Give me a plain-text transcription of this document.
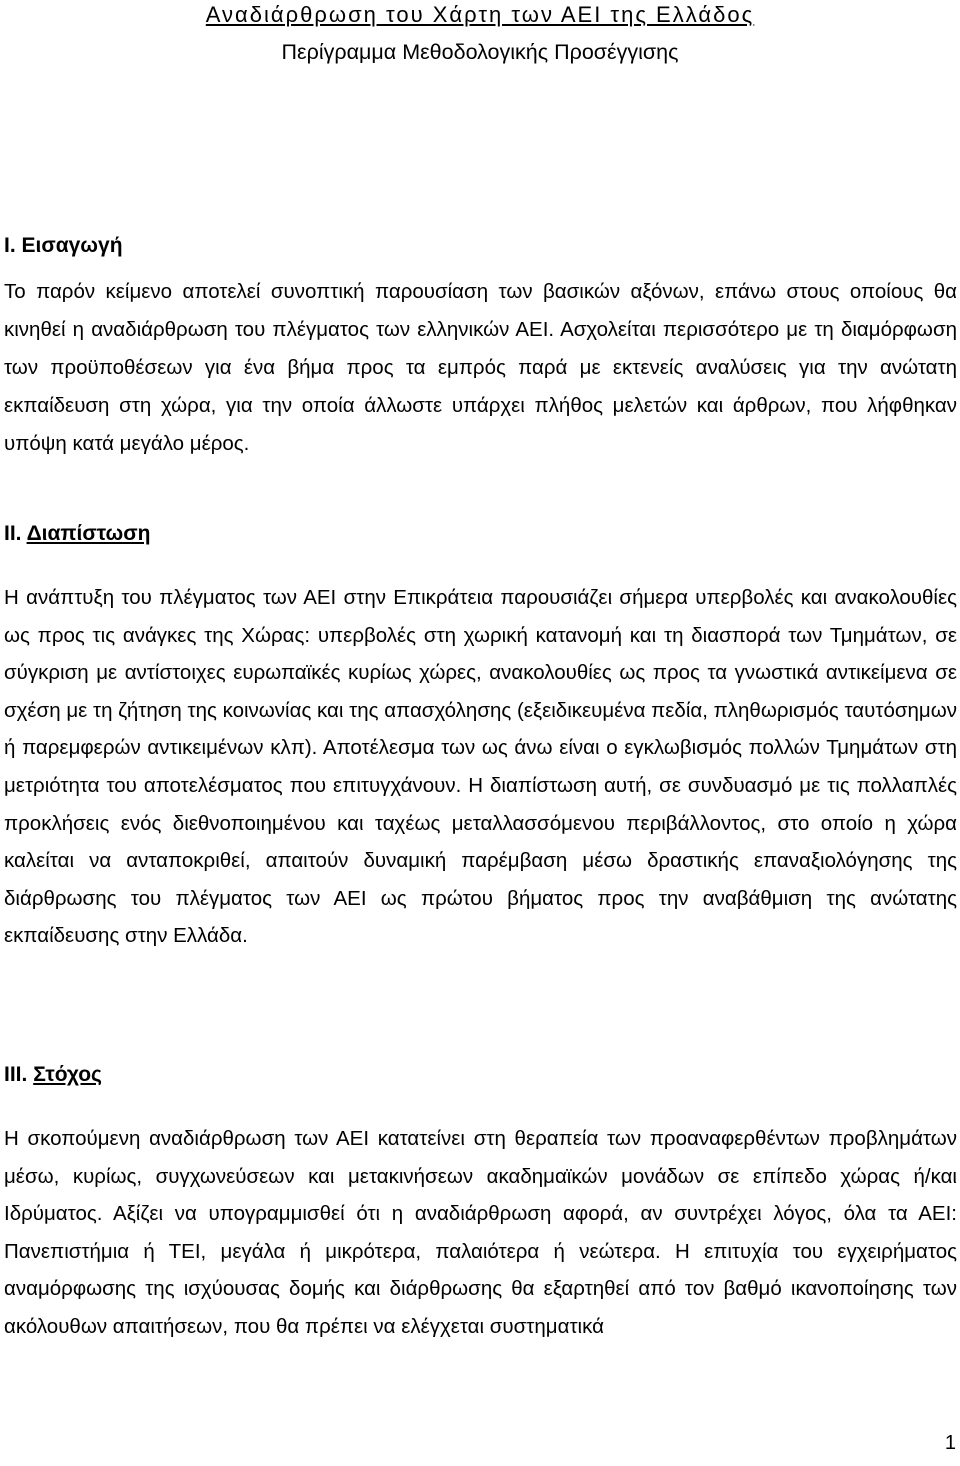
Αναδιάρθρωση του Χάρτη των ΑΕΙ της Ελλάδος
Περίγραμμα Μεθοδολογικής Προσέγγισης
Ι. Εισαγωγή

Το παρόν κείμενο αποτελεί συνοπτική παρουσίαση των βασικών αξόνων, επάνω στους οποίους θα κινηθεί η αναδιάρθρωση του πλέγματος των ελληνικών ΑΕΙ. Ασχολείται περισσότερο με τη διαμόρφωση των προϋποθέσεων για ένα βήμα προς τα εμπρός παρά με εκτενείς αναλύσεις για την ανώτατη εκπαίδευση στη χώρα, για την οποία άλλωστε υπάρχει πλήθος μελετών και άρθρων, που λήφθηκαν υπόψη κατά μεγάλο μέρος.

ΙΙ. Διαπίστωση

Η ανάπτυξη του πλέγματος των ΑΕΙ στην Επικράτεια παρουσιάζει σήμερα υπερβολές και ανακολουθίες ως προς τις ανάγκες της Χώρας: υπερβολές στη χωρική κατανομή και τη διασπορά των Τμημάτων, σε σύγκριση με αντίστοιχες ευρωπαϊκές κυρίως χώρες, ανακολουθίες ως προς τα γνωστικά αντικείμενα σε σχέση με τη ζήτηση της κοινωνίας και της απασχόλησης (εξειδικευμένα πεδία, πληθωρισμός ταυτόσημων ή παρεμφερών αντικειμένων κλπ). Αποτέλεσμα των ως άνω είναι ο εγκλωβισμός πολλών Τμημάτων στη μετριότητα του αποτελέσματος που επιτυγχάνουν. Η διαπίστωση αυτή, σε συνδυασμό με τις πολλαπλές προκλήσεις ενός διεθνοποιημένου και ταχέως μεταλλασσόμενου περιβάλλοντος, στο οποίο η χώρα καλείται να ανταποκριθεί, απαιτούν δυναμική παρέμβαση μέσω δραστικής επαναξιολόγησης της διάρθρωσης του πλέγματος των ΑΕΙ ως πρώτου βήματος προς την αναβάθμιση της ανώτατης εκπαίδευσης στην Ελλάδα.

ΙΙΙ. Στόχος

Η σκοπούμενη αναδιάρθρωση των ΑΕΙ κατατείνει στη θεραπεία των προαναφερθέντων προβλημάτων μέσω, κυρίως, συγχωνεύσεων και μετακινήσεων ακαδημαϊκών μονάδων σε επίπεδο χώρας ή/και Ιδρύματος. Αξίζει να υπογραμμισθεί ότι η αναδιάρθρωση αφορά, αν συντρέχει λόγος, όλα τα ΑΕΙ: Πανεπιστήμια ή ΤΕΙ, μεγάλα ή μικρότερα, παλαιότερα ή νεώτερα. Η επιτυχία του εγχειρήματος αναμόρφωσης της ισχύουσας δομής και διάρθρωσης θα εξαρτηθεί από τον βαθμό ικανοποίησης των ακόλουθων απαιτήσεων, που θα πρέπει να ελέγχεται συστηματικά

1
